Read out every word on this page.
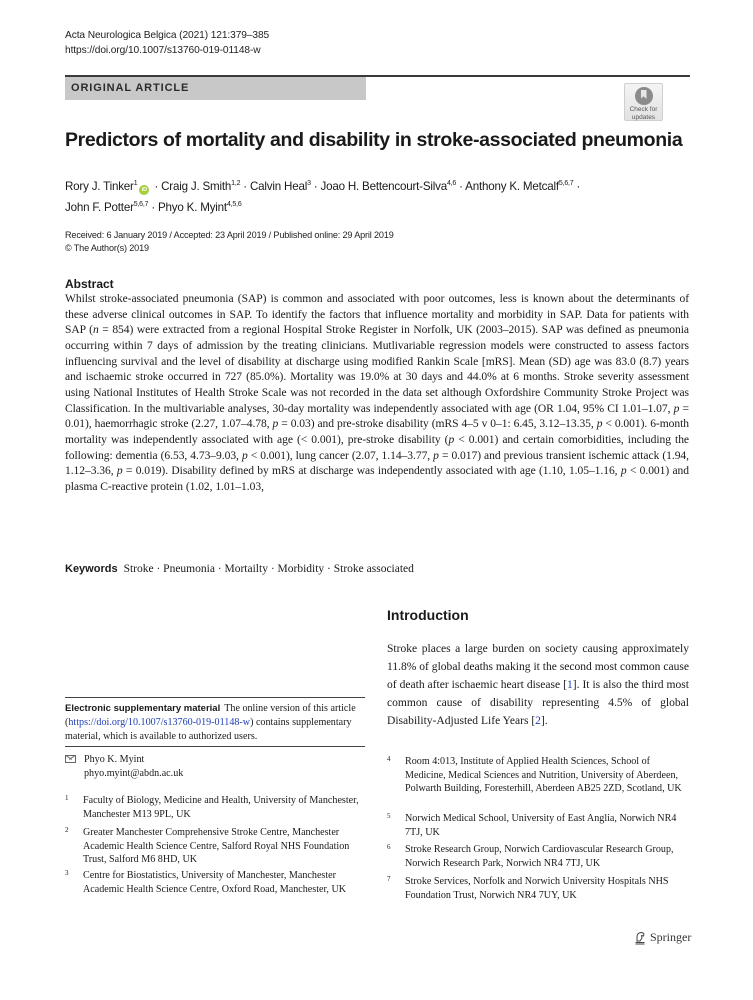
Acta Neurologica Belgica (2021) 121:379–385
https://doi.org/10.1007/s13760-019-01148-w
ORIGINAL ARTICLE
Check for
updates
Predictors of mortality and disability in stroke-associated pneumonia
Rory J. Tinker$^1$iD · Craig J. Smith$^{1,2}$ · Calvin Heal$^3$ · Joao H. Bettencourt-Silva$^{4,6}$ · Anthony K. Metcalf$^{5,6,7}$ ·
John F. Potter$^{5,6,7}$ · Phyo K. Myint$^{4,5,6}$
Received: 6 January 2019 / Accepted: 23 April 2019 / Published online: 29 April 2019
© The Author(s) 2019
Abstract

Whilst stroke-associated pneumonia (SAP) is common and associated with poor outcomes, less is known about the determinants of these adverse clinical outcomes in SAP. To identify the factors that influence mortality and morbidity in SAP. Data for patients with SAP (n = 854) were extracted from a regional Hospital Stroke Register in Norfolk, UK (2003–2015). SAP was defined as pneumonia occurring within 7 days of admission by the treating clinicians. Mutlivariable regression models were constructed to assess factors influencing survival and the level of disability at discharge using modified Rankin Scale [mRS]. Mean (SD) age was 83.0 (8.7) years and ischaemic stroke occurred in 727 (85.0%). Mortality was 19.0% at 30 days and 44.0% at 6 months. Stroke severity assessment using National Institutes of Health Stroke Scale was not recorded in the data set although Oxfordshire Community Stroke Project was Classification. In the multivariable analyses, 30-day mortality was independently associated with age (OR 1.04, 95% CI 1.01–1.07, p = 0.01), haemorrhagic stroke (2.27, 1.07–4.78, p = 0.03) and pre-stroke disability (mRS 4–5 v 0–1: 6.45, 3.12–13.35, p < 0.001). 6-month mortality was independently associated with age (< 0.001), pre-stroke disability (p < 0.001) and certain comorbidities, including the following: dementia (6.53, 4.73–9.03, p < 0.001), lung cancer (2.07, 1.14–3.77, p = 0.017) and previous transient ischemic attack (1.94, 1.12–3.36, p = 0.019). Disability defined by mRS at discharge was independently associated with age (1.10, 1.05–1.16, p < 0.001) and plasma C-reactive protein (1.02, 1.01–1.03,

Keywords Stroke · Pneumonia · Mortailty · Morbidity · Stroke associated
Introduction

Stroke places a large burden on society causing approximately 11.8% of global deaths making it the second most common cause of death after ischaemic heart disease [1]. It is also the third most common cause of disability representing 4.5% of global Disability-Adjusted Life Years [2].

Electronic supplementary material The online version of this article (https://doi.org/10.1007/s13760-019-01148-w) contains supplementary material, which is available to authorized users.
Phyo K. Myint
phyo.myint@abdn.ac.uk
1	Faculty of Biology, Medicine and Health, University of Manchester, Manchester M13 9PL, UK
2	Greater Manchester Comprehensive Stroke Centre, Manchester Academic Health Science Centre, Salford Royal NHS Foundation Trust, Salford M6 8HD, UK
3	Centre for Biostatistics, University of Manchester, Manchester Academic Health Science Centre, Oxford Road, Manchester, UK
4	Room 4:013, Institute of Applied Health Sciences, School of Medicine, Medical Sciences and Nutrition, University of Aberdeen, Polwarth Building, Foresterhill, Aberdeen AB25 2ZD, Scotland, UK
5	Norwich Medical School, University of East Anglia, Norwich NR4 7TJ, UK
6	Stroke Research Group, Norwich Cardiovascular Research Group, Norwich Research Park, Norwich NR4 7TJ, UK
7	Stroke Services, Norfolk and Norwich University Hospitals NHS Foundation Trust, Norwich NR4 7UY, UK
Springer
